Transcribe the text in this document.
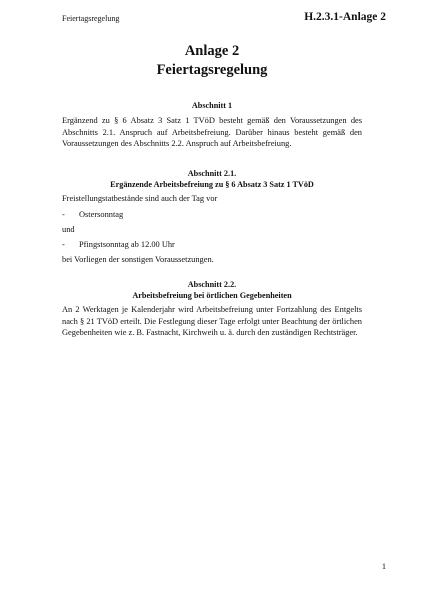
Feiertagsregelung	H.2.3.1-Anlage 2
Anlage 2
Feiertagsregelung
Abschnitt 1
Ergänzend zu § 6 Absatz 3 Satz 1 TVöD besteht gemäß den Voraussetzungen des Abschnitts 2.1. Anspruch auf Arbeitsbefreiung. Darüber hinaus besteht gemäß den Voraussetzungen des Abschnitts 2.2. Anspruch auf Arbeitsbefreiung.
Abschnitt 2.1.
Ergänzende Arbeitsbefreiung zu § 6 Absatz 3 Satz 1 TVöD
Freistellungstatbestände sind auch der Tag vor
- Ostersonntag
und
- Pfingstsonntag ab 12.00 Uhr
bei Vorliegen der sonstigen Voraussetzungen.
Abschnitt 2.2.
Arbeitsbefreiung bei örtlichen Gegebenheiten
An 2 Werktagen je Kalenderjahr wird Arbeitsbefreiung unter Fortzahlung des Entgelts nach § 21 TVöD erteilt. Die Festlegung dieser Tage erfolgt unter Beachtung der örtlichen Gegebenheiten wie z. B. Fastnacht, Kirchweih u. ä. durch den zuständigen Rechtsträger.
1
